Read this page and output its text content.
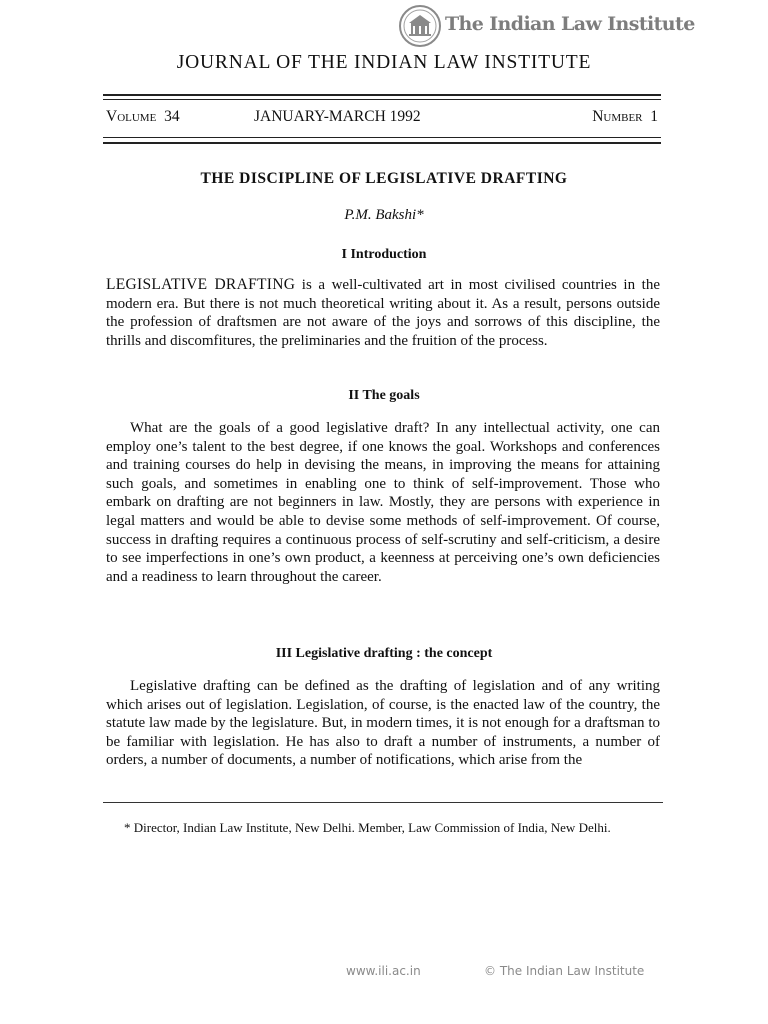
The Indian Law Institute
JOURNAL OF THE INDIAN LAW INSTITUTE
Volume 34	JANUARY-MARCH 1992	Number 1
THE DISCIPLINE OF LEGISLATIVE DRAFTING
P.M. Bakshi*
I Introduction

LEGISLATIVE DRAFTING is a well-cultivated art in most civilised countries in the modern era. But there is not much theoretical writing about it. As a result, persons outside the profession of draftsmen are not aware of the joys and sorrows of this discipline, the thrills and discomfitures, the preliminaries and the fruition of the process.

II The goals

What are the goals of a good legislative draft? In any intellectual activity, one can employ one’s talent to the best degree, if one knows the goal. Workshops and conferences and training courses do help in devising the means, in improving the means for attaining such goals, and sometimes in enabling one to think of self-improvement. Those who embark on drafting are not beginners in law. Mostly, they are persons with experience in legal matters and would be able to devise some methods of self-improvement. Of course, success in drafting requires a continuous process of self-scrutiny and self-criticism, a desire to see imperfections in one’s own product, a keenness at perceiving one’s own deficiencies and a readiness to learn throughout the career.

III Legislative drafting : the concept

Legislative drafting can be defined as the drafting of legislation and of any writing which arises out of legislation. Legislation, of course, is the enacted law of the country, the statute law made by the legislature. But, in modern times, it is not enough for a draftsman to be familiar with legislation. He has also to draft a number of instruments, a number of orders, a number of documents, a number of notifications, which arise from the

* Director, Indian Law Institute, New Delhi. Member, Law Commission of India, New Delhi.

www.ili.ac.in	© The Indian Law Institute
